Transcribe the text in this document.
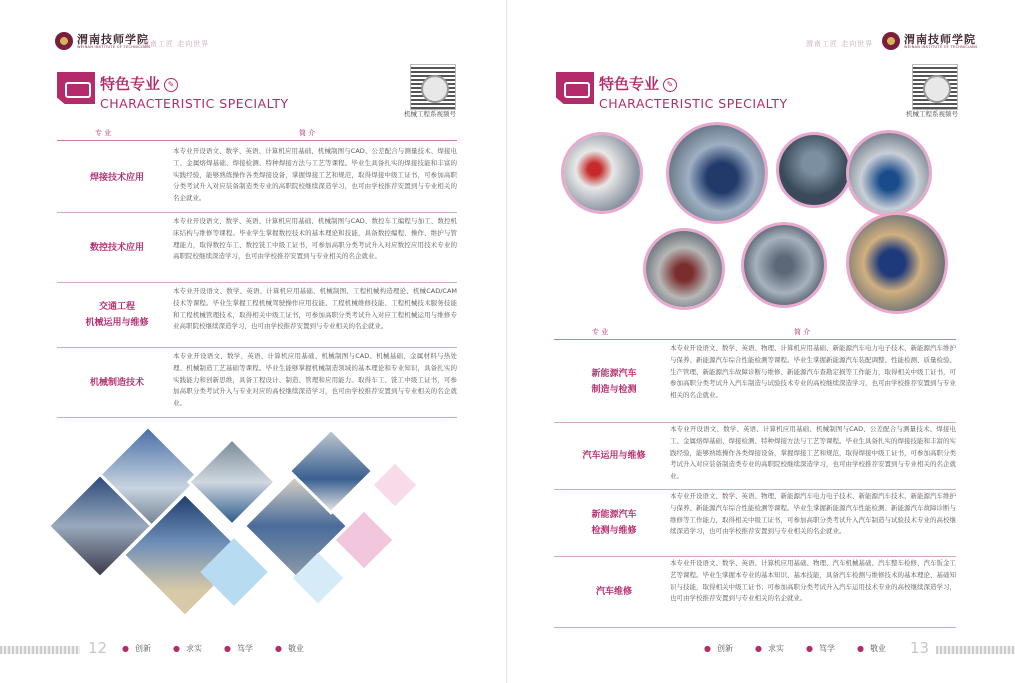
渭南技师学院
WEINAN INSTITUTE OF TECHNICIANS
渭南工匠 走向世界
特色专业 ✎
CHARACTERISTIC SPECIALTY
机械工程系视频号
专 业	简 介
焊接技术应用
本专业开设语文、数学、英语、计算机应用基础、机械制图与CAD、公差配合与测量技术、焊接电工、金属熔焊基础、焊接检测、特种焊接方法与工艺等课程。毕业生具备扎实的焊接技能和丰富的实践经验，能够熟练操作各类焊接设备，掌握焊接工艺和规范，取得焊接中级工证书，可参加高职分类考试升入对应装备制造类专业的高职院校继续深造学习，也可由学校推荐安置到与专业相关的名企就业。
数控技术应用
本专业开设语文、数学、英语、计算机应用基础、机械制图与CAD、数控车工编程与加工、数控机床结构与维修等课程。毕业学生掌握数控技术的基本理论和技能，具备数控编程、操作、维护与管理能力，取得数控车工、数控铣工中级工证书，可参加高职分类考试升入对应数控应用技术专业的高职院校继续深造学习，也可由学校推荐安置到与专业相关的名企就业。
交通工程
机械运用与维修
本专业开设语文、数学、英语、计算机应用基础、机械制图、工程机械构造理论、机械CAD/CAM技术等课程。毕业生掌握工程机械驾驶操作应用技能、工程机械维修技能、工程机械技术服务技能和工程机械管理技术，取得相关中级工证书，可参加高职分类考试升入对应工程机械运用与维修专业高职院校继续深造学习，也可由学校推荐安置到与专业相关的名企就业。
机械制造技术
本专业开设语文、数学、英语、计算机应用基础、机械制图与CAD、机械基础、金属材料与热处理、机械制造工艺基础等课程。毕业生能够掌握机械制造领域的基本理论和专业知识，具备扎实的实践能力和创新思维，具备工程设计、制造、管理和应用能力。取得车工、铣工中级工证书，可参加高职分类考试升入与专业对应的高校继续深造学习，也可由学校推荐安置到与专业相关的名企就业。
12	● 创新	● 求实	● 笃学	● 敬业
渭南工匠 走向世界	渭南技师学院
WEINAN INSTITUTE OF TECHNICIANS
特色专业 ✎
CHARACTERISTIC SPECIALTY
机械工程系视频号
专 业	简 介
新能源汽车
制造与检测
本专业开设语文、数学、英语、物理、计算机应用基础、新能源汽车电力电子技术、新能源汽车维护与保养、新能源汽车综合性能检测等课程。毕业生掌握新能源汽车装配调整、性能检测、质量检验、生产管理、新能源汽车故障诊断与维修、新能源汽车查勘定损等工作能力，取得相关中级工证书，可参加高职分类考试升入汽车制造与试验技术专业的高校继续深造学习，也可由学校推荐安置到与专业相关的名企就业。
汽车运用与维修
本专业开设语文、数学、英语、计算机应用基础、机械制图与CAD、公差配合与测量技术、焊接电工、金属熔焊基础、焊接检测、特种焊接方法与工艺等课程。毕业生具备扎实的焊接技能和丰富的实践经验，能够熟练操作各类焊接设备，掌握焊接工艺和规范，取得焊接中级工证书，可参加高职分类考试升入对应装备制造类专业的高职院校继续深造学习，也可由学校推荐安置到与专业相关的名企就业。
新能源汽车
检测与维修
本专业开设语文、数学、英语、物理、新能源汽车电力电子技术、新能源汽车技术、新能源汽车维护与保养、新能源汽车综合性能检测等课程。毕业生掌握新能源汽车性能检测、新能源汽车故障诊断与维修等工作能力，取得相关中级工证书，可参加高职分类考试升入汽车制造与试验技术专业的高校继续深造学习，也可由学校推荐安置到与专业相关的名企就业。
汽车维修
本专业开设语文、数学、英语、计算机应用基础、物理、汽车机械基础、汽车整车检修、汽车钣金工艺等课程。毕业生掌握本专业的基本知识、基本技能，具备汽车检测与维修技术的基本理论、基础知识与技能，取得相关中级工证书；可参加高职分类考试升入汽车运用技术专业的高校继续深造学习，也可由学校推荐安置到与专业相关的名企就业。
● 创新	● 求实	● 笃学	● 敬业 13
